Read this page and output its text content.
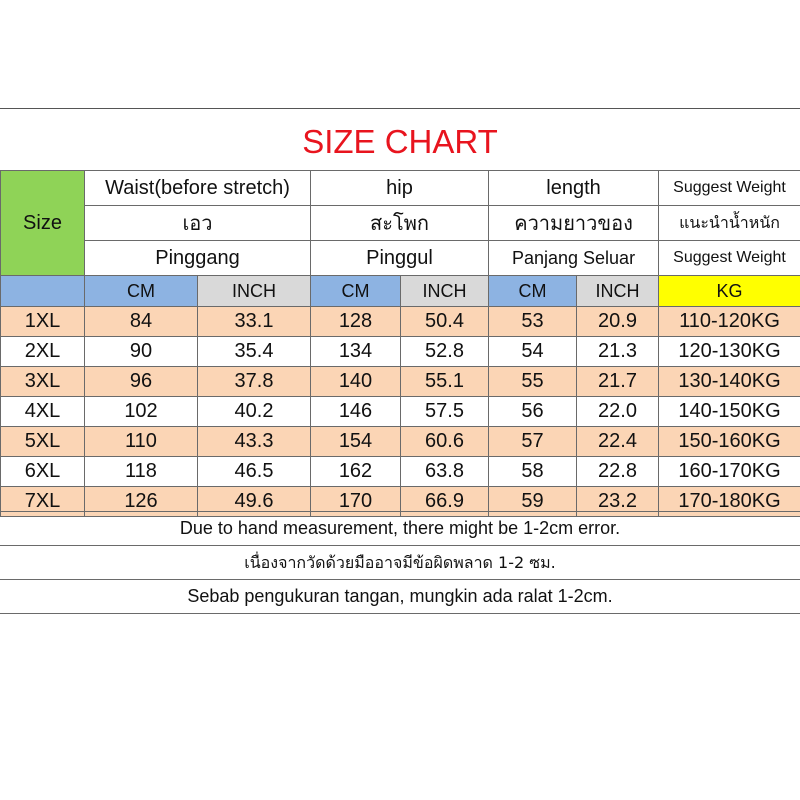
SIZE CHART
Size	Waist(before stretch)		hip		length		Suggest Weight
	เอว		สะโพก		ความยาวของ		แนะนำน้ำหนัก
	Pinggang		Pinggul		Panjang Seluar		Suggest Weight
	CM	INCH	CM	INCH	CM	INCH	KG
1XL	84	33.1	128	50.4	53	20.9	110-120KG
2XL	90	35.4	134	52.8	54	21.3	120-130KG
3XL	96	37.8	140	55.1	55	21.7	130-140KG
4XL	102	40.2	146	57.5	56	22.0	140-150KG
5XL	110	43.3	154	60.6	57	22.4	150-160KG
6XL	118	46.5	162	63.8	58	22.8	160-170KG
7XL	126	49.6	170	66.9	59	23.2	170-180KG
Due to hand measurement, there might be 1-2cm error.
เนื่องจากวัดด้วยมืออาจมีข้อผิดพลาด 1-2 ซม.
Sebab pengukuran tangan, mungkin ada ralat 1-2cm.
